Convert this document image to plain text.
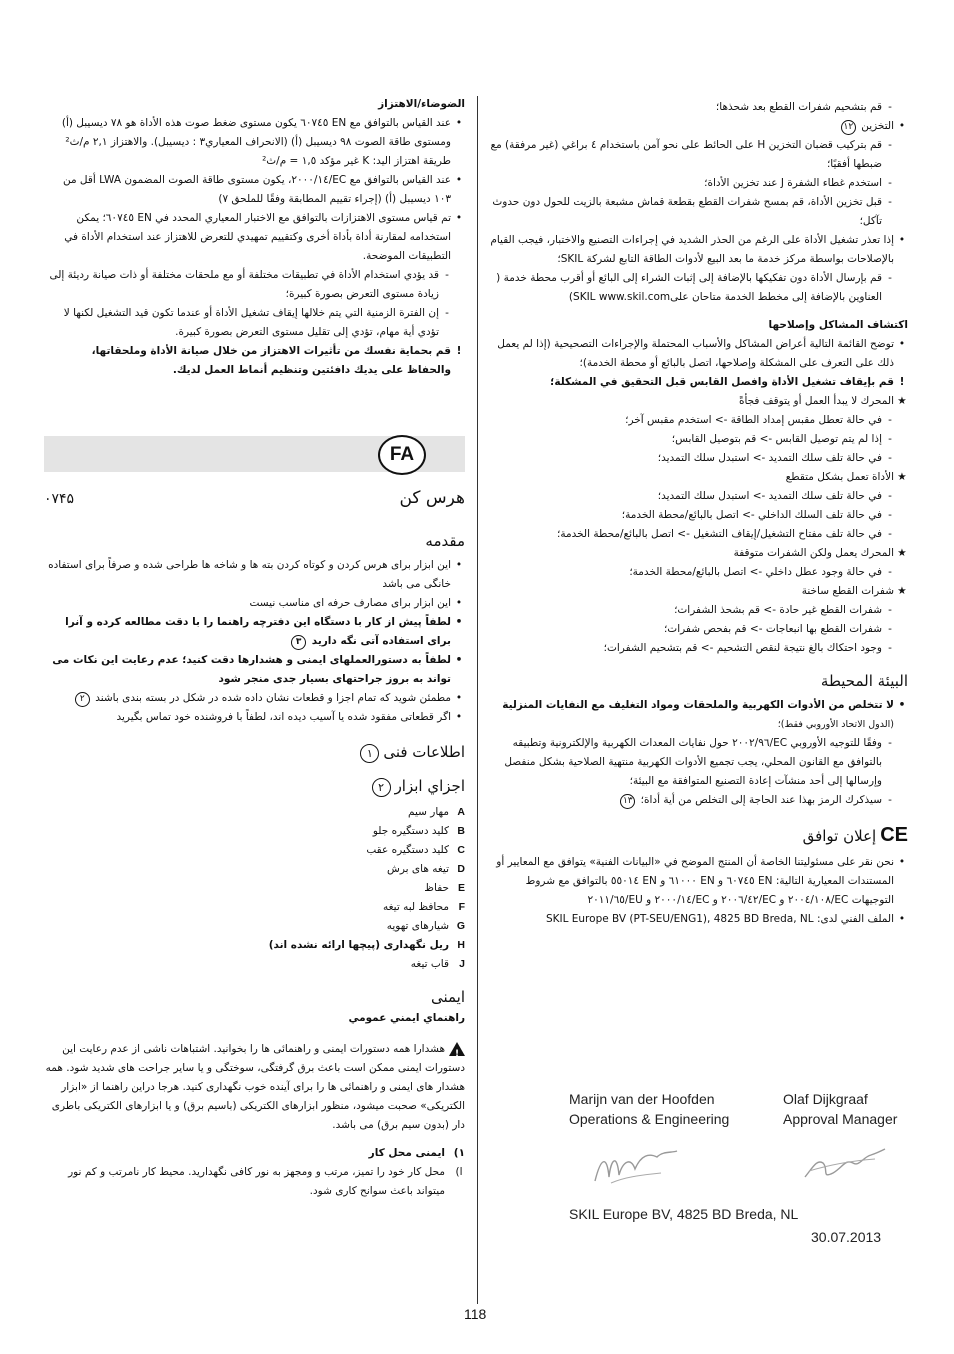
الضوضاء/الاهتزاز
•
عند القياس بالتوافق مع EN ٦٠٧٤٥ يكون مستوى ضغط صوت هذه الأداة هو ٧٨ ديسيبل (أ) ومستوى طاقة الصوت ٩٨ ديسيبل (أ) (الانحراف المعياري٣ : ديسيبل). والاهتزاز ٢,١ م/ث² طريقة اهتزاز اليد: K غير مؤكد ١,٥ = م/ث²
•
عند القياس بالتوافق مع EC/٢٠٠٠/١٤، يكون مستوى طاقة الصوت المضمون LWA أقل من ١٠٣ ديسيبل (أ) (إجراء تقييم المطابقة وفقًا للملحق ٧)
•
تم قياس مستوى الاهتزازات بالتوافق مع الاختبار المعياري المحدد في EN ٦٠٧٤٥؛ يمكن استخدامه لمقارنة أداة بأداة أخرى وكتقييم تمهيدي للتعرض للاهتزاز عند استخدام الأداة في التطبيقات الموضحة.
-
قد يؤدي استخدام الأداة في تطبيقات مختلفة أو مع ملحقات مختلفة أو ذات صيانة رديئة إلى زيادة مستوى التعرض بصورة كبيرة؛
-
إن الفترة الزمنية التي يتم خلالها إيقاف تشغيل الأداة أو عندما تكون قيد التشغيل لكنها لا تؤدي أية مهام، تؤدي إلى تقليل مستوى التعرض بصورة كبيرة.
!
قم بحماية نفسك من تأثيرات الاهتزاز من خلال صيانة الأداة وملحقاتها، والحفاظ على يديك دافئتين وتنظيم أنماط العمل لديك.
FA
هرس کن
۰۷۴۵
مقدمه
•
این ابزار برای هرس کردن و کوتاه کردن بته ها و شاخه ها طراحی شده و صرفاً برای استفاده خانگی می باشد
•
این ابزار برای مصارف حرفه ای مناسب نیست
•
لطفاً پیش از کار با دستگاه این دفترچه راهنما را با دقت مطالعه کرده و آنرا برای استفاده آتی نگه دارید ٣
•
لطفاً به دستورالعملهای ایمنی و هشدارها دقت کنید؛ عدم رعایت این نکات می تواند به بروز جراحتهای بسیار جدی منجر شود
•
مطمئن شوید که تمام اجزا و قطعات نشان داده شده در شکل در بسته بندی باشند ٢
•
اگر قطعاتی مفقود شده یا آسیب دیده اند، لطفاً با فروشنده خود تماس بگیرید
اطلاعات فنی١
اجزاي ابزار٢
A
مهار سیم
B
کلید دستگیره جلو
C
کلید دستگیره عقب
D
تیغه های برش
E
حفاظ
F
محافظ لبه تیغه
G
شیارهای تهویه
H
ریل نگهداری (پیچها ارائه نشده اند)
J
قاب تیغه
ایمنی
راهنماي ايمني عمومي
!هشدارا همه دستورات ایمنی و راهنمائی ها را بخوانید. اشتباهات ناشی از عدم رعایت این دستورات ایمنی ممکن است باعث برق گرفتگی، سوختگی و یا سایر جراحت های شدید شود. همه هشدار های ایمنی و راهنمائی ها را برای آینده خوب نگهداری کنید. هرجا دراین راهنما از «ابزار الکتریکی» صحبت میشود، منظور ابزارهای الکتریکی (باسیم برق) و یا ابزارهای الکتریکی باطری دار (بدون سیم برق) می باشد.
١)
ایمنی محل کار
ا)
محل کار خود را تمیز، مرتب و ومجهز به نور کافی نگهدارید. محیط کار نامرتب و کم نور میتواند باعث سوانح کاری شود.
-
قم بتشحيم شفرات القطع بعد شحذها؛
•
التخزين ١٢
-
قم بتركيب قضبان التخزين H على الحائط على نحو آمن باستخدام ٤ براغي (غير مرفقة) مع ضبطها أفقيًا؛
-
استخدم غطاء الشفرة J عند تخزين الأداة؛
-
قبل تخزين الأداة، قم بمسح شفرات القطع بقطعة قماش مشبعة بالزيت للحول دون حدوث تآكل؛
•
إذا تعذر تشغيل الأداة على الرغم من الحذر الشديد في إجراءات التصنيع والاختبار، فيجب القيام بالإصلاحات بواسطة مركز خدمة ما بعد البيع لأدوات الطاقة التابع لشركة SKIL؛
-
قم بإرسال الأداة دون تفكيكها بالإضافة إلى إثبات الشراء إلى البائع أو أقرب محطة خدمة ( العناوين بالإضافة إلى مخطط الخدمة متاحان علىSKIL www.skil.com)
اكتشاف المشاكل وإصلاحها
•
توضح القائمة التالية أعراض المشاكل والأسباب المحتملة والإجراءات التصحيحية (إذا لم يعمل ذلك على التعرف على المشكلة وإصلاحها، اتصل بالبائع أو محطة الخدمة)؛
!
قم بإيقاف تشغيل الأداة وافصل القابس قبل التحقيق في المشكلة؛
★
المحرك لا يبدأ العمل أو يتوقف فجأةً
-
في حالة تعطل مقبس إمداد الطاقة -> استخدم مقبس آخر؛
-
إذا لم يتم توصيل القابس -> قم بتوصيل القابس؛
-
في حالة تلف سلك التمديد -> استبدل سلك التمديد؛
★
الأداة تعمل بشكل متقطع
-
في حالة تلف سلك التمديد -> استبدل سلك التمديد؛
-
في حالة تلف السلك الداخلي -> اتصل بالبائع/محطة الخدمة؛
-
في حالة تلف مفتاح التشغيل/إيقاف التشغيل -> اتصل بالبائع/محطة الخدمة؛
★
المحرك يعمل ولكن الشفرات متوقفة
-
في حالة وجود عطل داخلي -> اتصل بالبائع/محطة الخدمة؛
★
شفرات القطع ساخنة
-
شفرات القطع غير حادة -> قم بشحذ الشفرات؛
-
شفرات القطع بها انبعاجات -> قم بفحص شفرات؛
-
وجود احتكاك بالغ نتيجة لنقص التشحيم -> قم بتشحيم الشفرات؛
البيئة المحيطة
•
لا تتخلص من الأدوات الكهربية والملحقات ومواد التغليف مع النفايات المنزلية
(الدول الاتحاد الأوروبي فقط)؛
-
وفقًا للتوجيه الأوروبي EC/٢٠٠٢/٩٦ حول نفايات المعدات الكهربية والإلكترونية وتطبيقه بالتوافق مع القانون المحلي، يجب تجميع الأدوات الكهربية منتهية الصلاحية بشكل منفصل وإرسالها إلى أحد منشآت إعادة التصنيع المتوافقة مع البيئة؛
-
سيذكرك الرمز بهذا عند الحاجة إلى التخلص من أية أداة؛ ١٣
CEإعلان توافق
•
نحن نقر على مسئوليتنا الخاصة أن المنتج الموضح في «البيانات الفنية» يتوافق مع المعايير أو المستندات المعيارية التالية: EN ٦٠٧٤٥ و EN ٦١٠٠٠ و EN ٥٥٠١٤ بالتوافق مع شروط التوجيهات EC/٢٠٠٤/١٠٨ و EC/٢٠٠٦/٤٢ و EC/٢٠٠٠/١٤ و EU/٢٠١١/٦٥
•
الملف الفني لدى: SKIL Europe BV (PT-SEU/ENG1), 4825 BD Breda, NL
Marijn van der Hoofden
Operations & Engineering
Olaf Dijkgraaf
Approval Manager
SKIL Europe BV, 4825 BD Breda, NL
30.07.2013
118
